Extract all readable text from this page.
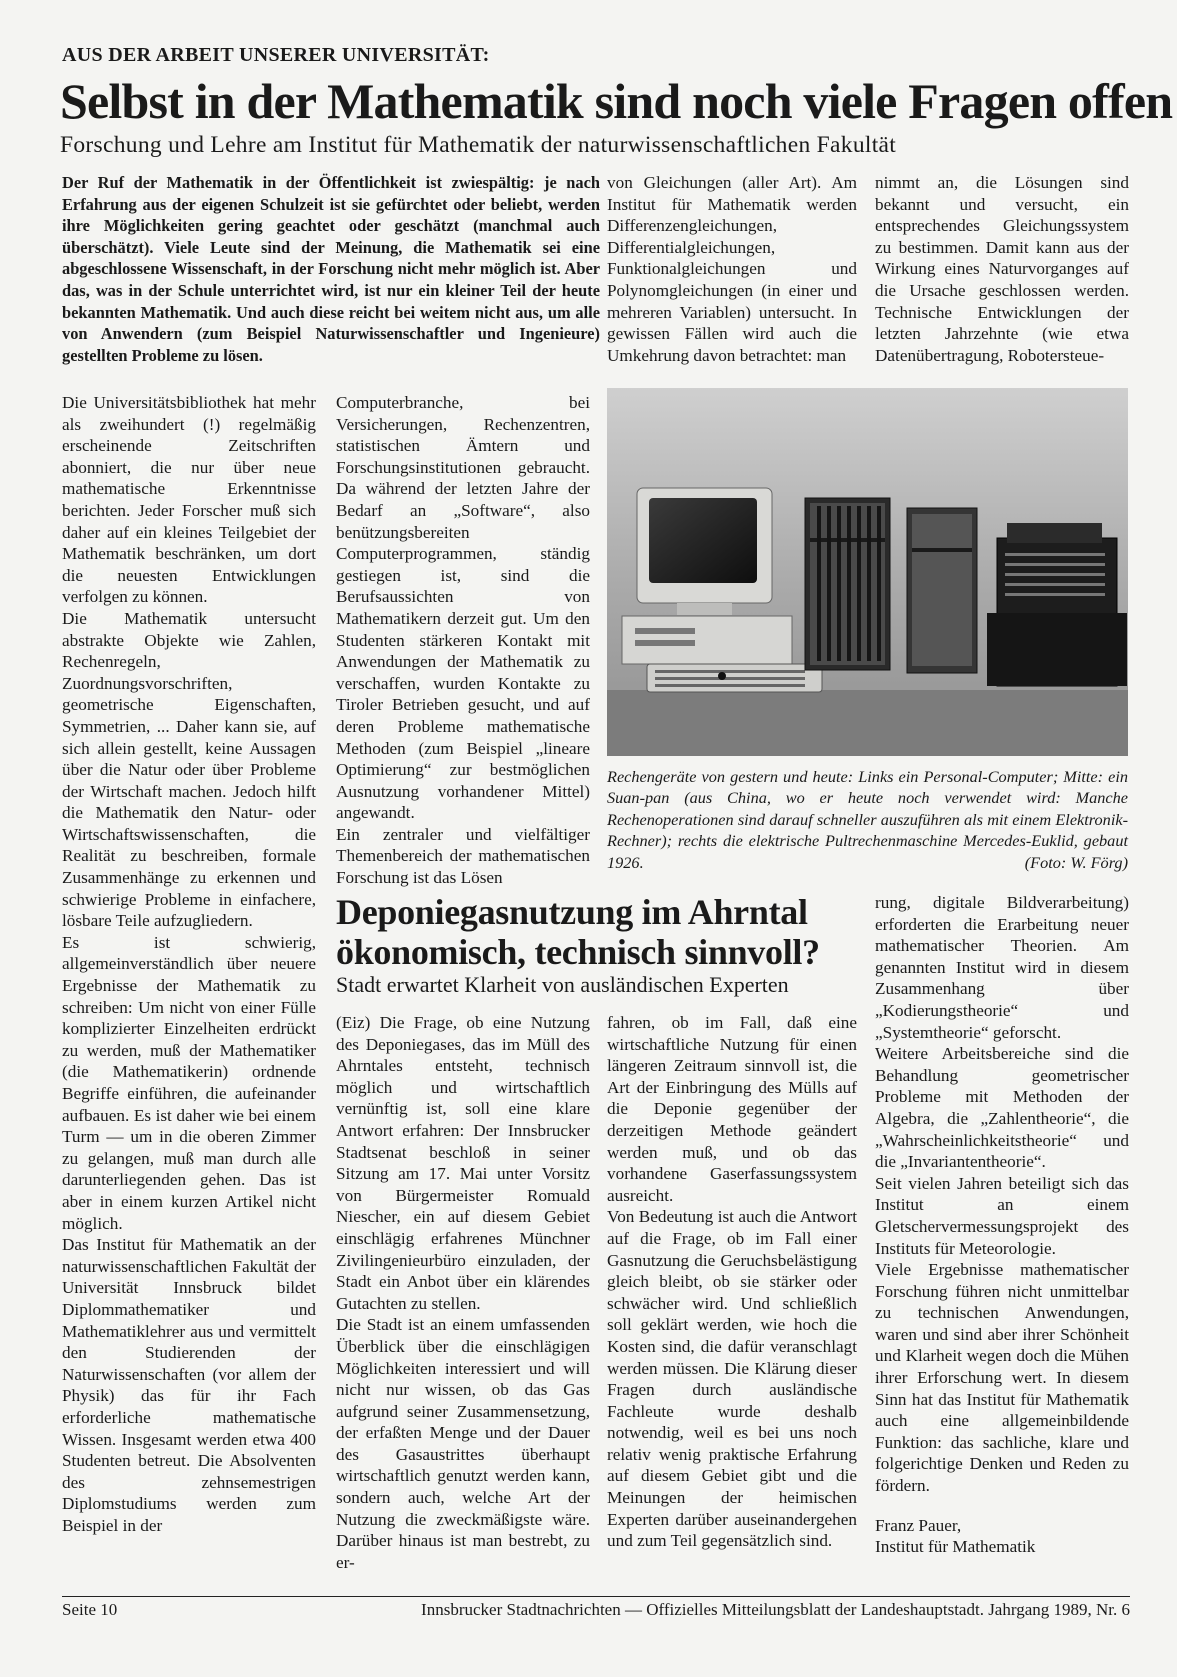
AUS DER ARBEIT UNSERER UNIVERSITÄT:
Selbst in der Mathematik sind noch viele Fragen offen
Forschung und Lehre am Institut für Mathematik der naturwissenschaftlichen Fakultät
Der Ruf der Mathematik in der Öffentlichkeit ist zwiespältig: je nach Erfahrung aus der eigenen Schulzeit ist sie gefürchtet oder beliebt, werden ihre Möglichkeiten gering geachtet oder geschätzt (manchmal auch überschätzt). Viele Leute sind der Meinung, die Mathematik sei eine abgeschlossene Wissenschaft, in der Forschung nicht mehr möglich ist. Aber das, was in der Schule unterrichtet wird, ist nur ein kleiner Teil der heute bekannten Mathematik. Und auch diese reicht bei weitem nicht aus, um alle von Anwendern (zum Beispiel Naturwissenschaftler und Ingenieure) gestellten Probleme zu lösen.

von Gleichungen (aller Art). Am Institut für Mathematik werden Differenzengleichungen, Differentialgleichungen, Funktionalgleichungen und Polynomgleichungen (in einer und mehreren Variablen) untersucht. In gewissen Fällen wird auch die Umkehrung davon betrachtet: man

nimmt an, die Lösungen sind bekannt und versucht, ein entsprechendes Gleichungssystem zu bestimmen. Damit kann aus der Wirkung eines Naturvorganges auf die Ursache geschlossen werden. Technische Entwicklungen der letzten Jahrzehnte (wie etwa Datenübertragung, Robotersteue-

Die Universitätsbibliothek hat mehr als zweihundert (!) regelmäßig erscheinende Zeitschriften abonniert, die nur über neue mathematische Erkenntnisse berichten. Jeder Forscher muß sich daher auf ein kleines Teilgebiet der Mathematik beschränken, um dort die neuesten Entwicklungen verfolgen zu können.

Die Mathematik untersucht abstrakte Objekte wie Zahlen, Rechenregeln, Zuordnungsvorschriften, geometrische Eigenschaften, Symmetrien, ... Daher kann sie, auf sich allein gestellt, keine Aussagen über die Natur oder über Probleme der Wirtschaft machen. Jedoch hilft die Mathematik den Natur- oder Wirtschaftswissenschaften, die Realität zu beschreiben, formale Zusammenhänge zu erkennen und schwierige Probleme in einfachere, lösbare Teile aufzugliedern.

Es ist schwierig, allgemeinverständlich über neuere Ergebnisse der Mathematik zu schreiben: Um nicht von einer Fülle komplizierter Einzelheiten erdrückt zu werden, muß der Mathematiker (die Mathematikerin) ordnende Begriffe einführen, die aufeinander aufbauen. Es ist daher wie bei einem Turm — um in die oberen Zimmer zu gelangen, muß man durch alle darunterliegenden gehen. Das ist aber in einem kurzen Artikel nicht möglich.

Das Institut für Mathematik an der naturwissenschaftlichen Fakultät der Universität Innsbruck bildet Diplommathematiker und Mathematiklehrer aus und vermittelt den Studierenden der Naturwissenschaften (vor allem der Physik) das für ihr Fach erforderliche mathematische Wissen. Insgesamt werden etwa 400 Studenten betreut. Die Absolventen des zehnsemestrigen Diplomstudiums werden zum Beispiel in der

Computerbranche, bei Versicherungen, Rechenzentren, statistischen Ämtern und Forschungsinstitutionen gebraucht. Da während der letzten Jahre der Bedarf an „Software“, also benützungsbereiten Computerprogrammen, ständig gestiegen ist, sind die Berufsaussichten von Mathematikern derzeit gut. Um den Studenten stärkeren Kontakt mit Anwendungen der Mathematik zu verschaffen, wurden Kontakte zu Tiroler Betrieben gesucht, und auf deren Probleme mathematische Methoden (zum Beispiel „lineare Optimierung“ zur bestmöglichen Ausnutzung vorhandener Mittel) angewandt.

Ein zentraler und vielfältiger Themenbereich der mathematischen Forschung ist das Lösen

Rechengeräte von gestern und heute: Links ein Personal-Computer; Mitte: ein Suan-pan (aus China, wo er heute noch verwendet wird: Manche Rechenoperationen sind darauf schneller auszuführen als mit einem Elektronik-Rechner); rechts die elektrische Pultrechenmaschine Mercedes-Euklid, gebaut 1926.	(Foto: W. Förg)
Deponiegasnutzung im Ahrntal ökonomisch, technisch sinnvoll?
Stadt erwartet Klarheit von ausländischen Experten

(Eiz) Die Frage, ob eine Nutzung des Deponiegases, das im Müll des Ahrntales entsteht, technisch möglich und wirtschaftlich vernünftig ist, soll eine klare Antwort erfahren: Der Innsbrucker Stadtsenat beschloß in seiner Sitzung am 17. Mai unter Vorsitz von Bürgermeister Romuald Niescher, ein auf diesem Gebiet einschlägig erfahrenes Münchner Zivilingenieurbüro einzuladen, der Stadt ein Anbot über ein klärendes Gutachten zu stellen.

Die Stadt ist an einem umfassenden Überblick über die einschlägigen Möglichkeiten interessiert und will nicht nur wissen, ob das Gas aufgrund seiner Zusammensetzung, der erfaßten Menge und der Dauer des Gasaustrittes überhaupt wirtschaftlich genutzt werden kann, sondern auch, welche Art der Nutzung die zweckmäßigste wäre. Darüber hinaus ist man bestrebt, zu er-

fahren, ob im Fall, daß eine wirtschaftliche Nutzung für einen längeren Zeitraum sinnvoll ist, die Art der Einbringung des Mülls auf die Deponie gegenüber der derzeitigen Methode geändert werden muß, und ob das vorhandene Gaserfassungssystem ausreicht.

Von Bedeutung ist auch die Antwort auf die Frage, ob im Fall einer Gasnutzung die Geruchsbelästigung gleich bleibt, ob sie stärker oder schwächer wird. Und schließlich soll geklärt werden, wie hoch die Kosten sind, die dafür veranschlagt werden müssen. Die Klärung dieser Fragen durch ausländische Fachleute wurde deshalb notwendig, weil es bei uns noch relativ wenig praktische Erfahrung auf diesem Gebiet gibt und die Meinungen der heimischen Experten darüber auseinandergehen und zum Teil gegensätzlich sind.

rung, digitale Bildverarbeitung) erforderten die Erarbeitung neuer mathematischer Theorien. Am genannten Institut wird in diesem Zusammenhang über „Kodierungstheorie“ und „Systemtheorie“ geforscht.

Weitere Arbeitsbereiche sind die Behandlung geometrischer Probleme mit Methoden der Algebra, die „Zahlentheorie“, die „Wahrscheinlichkeitstheorie“ und die „Invariantentheorie“.

Seit vielen Jahren beteiligt sich das Institut an einem Gletschervermessungsprojekt des Instituts für Meteorologie.

Viele Ergebnisse mathematischer Forschung führen nicht unmittelbar zu technischen Anwendungen, waren und sind aber ihrer Schönheit und Klarheit wegen doch die Mühen ihrer Erforschung wert. In diesem Sinn hat das Institut für Mathematik auch eine allgemeinbildende Funktion: das sachliche, klare und folgerichtige Denken und Reden zu fördern.

Franz Pauer,

Institut für Mathematik

Seite 10	Innsbrucker Stadtnachrichten — Offizielles Mitteilungsblatt der Landeshauptstadt. Jahrgang 1989, Nr. 6
